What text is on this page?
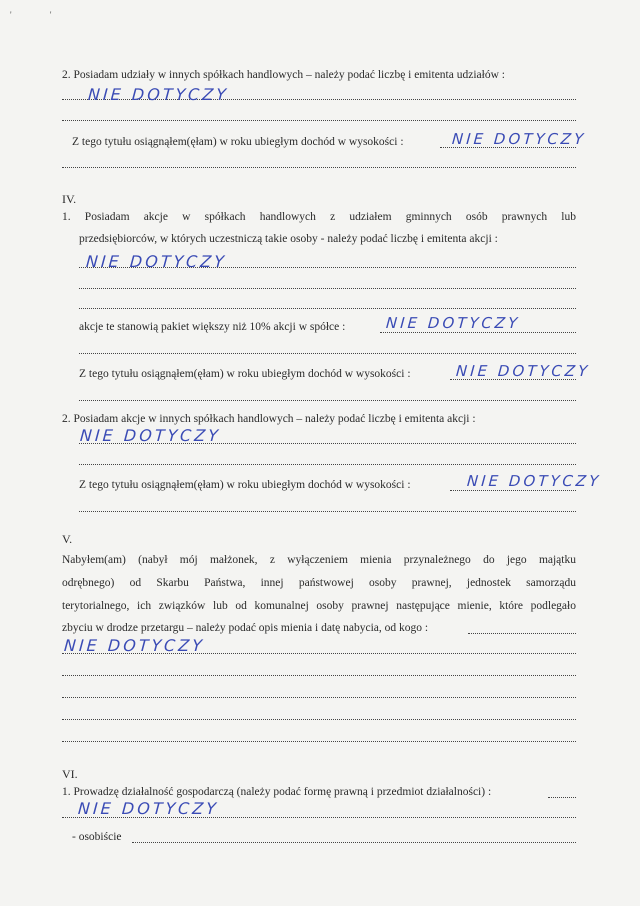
' '
2. Posiadam udziały w innych spółkach handlowych – należy podać liczbę i emitenta udziałów :
NIE DOTYCZY
Z tego tytułu osiągnąłem(ęłam) w roku ubiegłym dochód w wysokości :	NIE DOTYCZY
IV.
1. Posiadam akcje w spółkach handlowych z udziałem gminnych osób prawnych lub
przedsiębiorców, w których uczestniczą takie osoby - należy podać liczbę i emitenta akcji :
NIE DOTYCZY
akcje te stanowią pakiet większy niż 10% akcji w spółce :	NIE DOTYCZY
Z tego tytułu osiągnąłem(ęłam) w roku ubiegłym dochód w wysokości :	NIE DOTYCZY
2. Posiadam akcje w innych spółkach handlowych – należy podać liczbę i emitenta akcji :
NIE DOTYCZY
Z tego tytułu osiągnąłem(ęłam) w roku ubiegłym dochód w wysokości :	NIE DOTYCZY
V.
Nabyłem(am) (nabył mój małżonek, z wyłączeniem mienia przynależnego do jego majątku
odrębnego) od Skarbu Państwa, innej państwowej osoby prawnej, jednostek samorządu
terytorialnego, ich związków lub od komunalnej osoby prawnej następujące mienie, które podlegało
zbyciu w drodze przetargu – należy podać opis mienia i datę nabycia, od kogo :
NIE DOTYCZY
VI.
1. Prowadzę działalność gospodarczą (należy podać formę prawną i przedmiot działalności) :
NIE DOTYCZY
- osobiście
